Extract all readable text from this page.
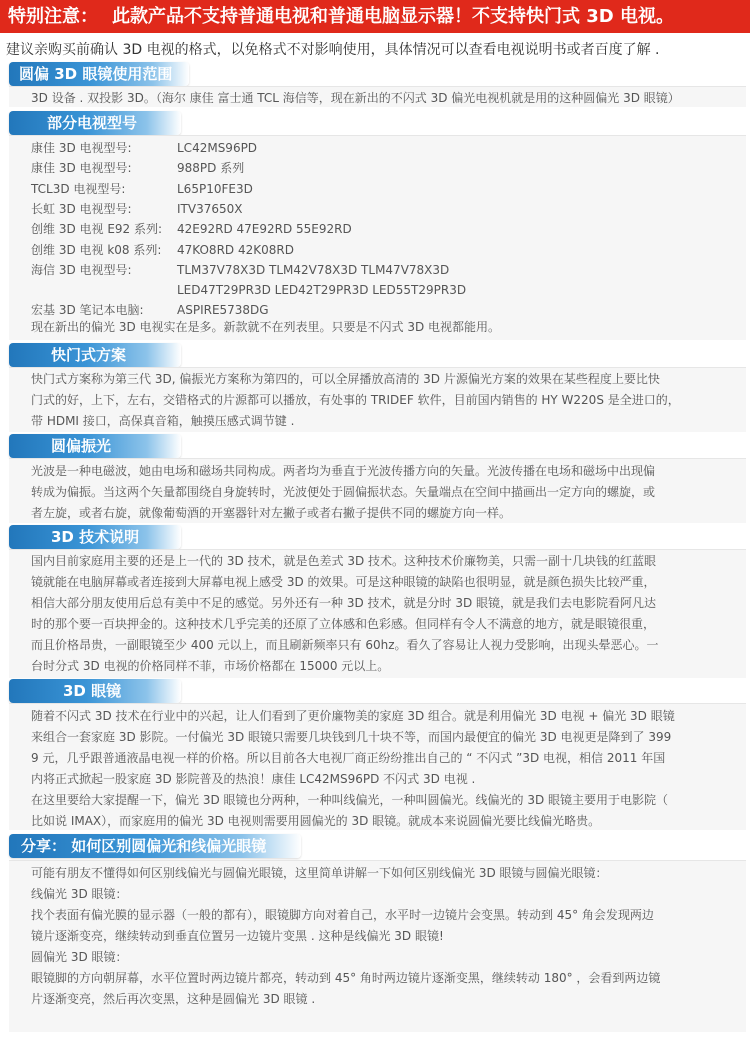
特别注意： 此款产品不支持普通电视和普通电脑显示器！不支持快门式 3D 电视。
建议亲购买前确认 3D 电视的格式，以免格式不对影响使用，具体情况可以查看电视说明书或者百度了解 .
圆偏 3D 眼镜使用范围
3D 设备 . 双投影 3D。（海尔 康佳 富士通 TCL 海信等，现在新出的不闪式 3D 偏光电视机就是用的这种圆偏光 3D 眼镜）
部分电视型号
康佳 3D 电视型号:	LC42MS96PD
康佳 3D 电视型号:	988PD 系列
TCL3D 电视型号:	L65P10FE3D
长虹 3D 电视型号:	ITV37650X
创维 3D 电视 E92 系列: 42E92RD 47E92RD 55E92RD
创维 3D 电视 k08 系列: 47KO8RD 42K08RD
海信 3D 电视型号:	TLM37V78X3D TLM42V78X3D TLM47V78X3D
LED47T29PR3D LED42T29PR3D LED55T29PR3D
宏基 3D 笔记本电脑:	ASPIRE5738DG
现在新出的偏光 3D 电视实在是多。新款就不在列表里。只要是不闪式 3D 电视都能用。
快门式方案
快门式方案称为第三代 3D, 偏振光方案称为第四的，可以全屏播放高清的 3D 片源偏光方案的效果在某些程度上要比快
门式的好，上下，左右，交错格式的片源都可以播放，有处事的 TRIDEF 软件，目前国内销售的 HY W220S 是全进口的，
带 HDMI 接口，高保真音箱，触摸压感式调节键 .
圆偏振光
光波是一种电磁波，她由电场和磁场共同构成。两者均为垂直于光波传播方向的矢量。光波传播在电场和磁场中出现偏
转成为偏振。当这两个矢量都围绕自身旋转时，光波便处于圆偏振状态。矢量端点在空间中描画出一定方向的螺旋，或
者左旋，或者右旋，就像葡萄酒的开塞器针对左撇子或者右撇子提供不同的螺旋方向一样。
3D 技术说明
国内目前家庭用主要的还是上一代的 3D 技术，就是色差式 3D 技术。这种技术价廉物美，只需一副十几块钱的红蓝眼
镜就能在电脑屏幕或者连接到大屏幕电视上感受 3D 的效果。可是这种眼镜的缺陷也很明显，就是颜色损失比较严重，
相信大部分朋友使用后总有美中不足的感觉。另外还有一种 3D 技术，就是分时 3D 眼镜，就是我们去电影院看阿凡达
时的那个要一百块押金的。这种技术几乎完美的还原了立体感和色彩感。但同样有令人不满意的地方，就是眼镜很重，
而且价格昂贵，一副眼镜至少 400 元以上，而且刷新频率只有 60hz。看久了容易让人视力受影响，出现头晕恶心。一
台时分式 3D 电视的价格同样不菲，市场价格都在 15000 元以上。
3D 眼镜
随着不闪式 3D 技术在行业中的兴起，让人们看到了更价廉物美的家庭 3D 组合。就是利用偏光 3D 电视 + 偏光 3D 眼镜
来组合一套家庭 3D 影院。一付偏光 3D 眼镜只需要几块钱到几十块不等，而国内最便宜的偏光 3D 电视更是降到了 399
9 元，几乎跟普通液晶电视一样的价格。所以目前各大电视厂商正纷纷推出自己的 “ 不闪式 ”3D 电视，相信 2011 年国
内将正式掀起一股家庭 3D 影院普及的热浪！康佳 LC42MS96PD 不闪式 3D 电视 .
在这里要给大家提醒一下，偏光 3D 眼镜也分两种，一种叫线偏光，一种叫圆偏光。线偏光的 3D 眼镜主要用于电影院（
比如说 IMAX），而家庭用的偏光 3D 电视则需要用圆偏光的 3D 眼镜。就成本来说圆偏光要比线偏光略贵。
分享： 如何区别圆偏光和线偏光眼镜
可能有朋友不懂得如何区别线偏光与圆偏光眼镜，这里简单讲解一下如何区别线偏光 3D 眼镜与圆偏光眼镜：
线偏光 3D 眼镜：
找个表面有偏光膜的显示器（一般的都有），眼镜脚方向对着自己，水平时一边镜片会变黑。转动到 45° 角会发现两边
镜片逐渐变亮，继续转动到垂直位置另一边镜片变黑 . 这种是线偏光 3D 眼镜!
圆偏光 3D 眼镜：
眼镜脚的方向朝屏幕，水平位置时两边镜片都亮，转动到 45° 角时两边镜片逐渐变黑，继续转动 180° ，会看到两边镜
片逐渐变亮，然后再次变黑，这种是圆偏光 3D 眼镜 .
